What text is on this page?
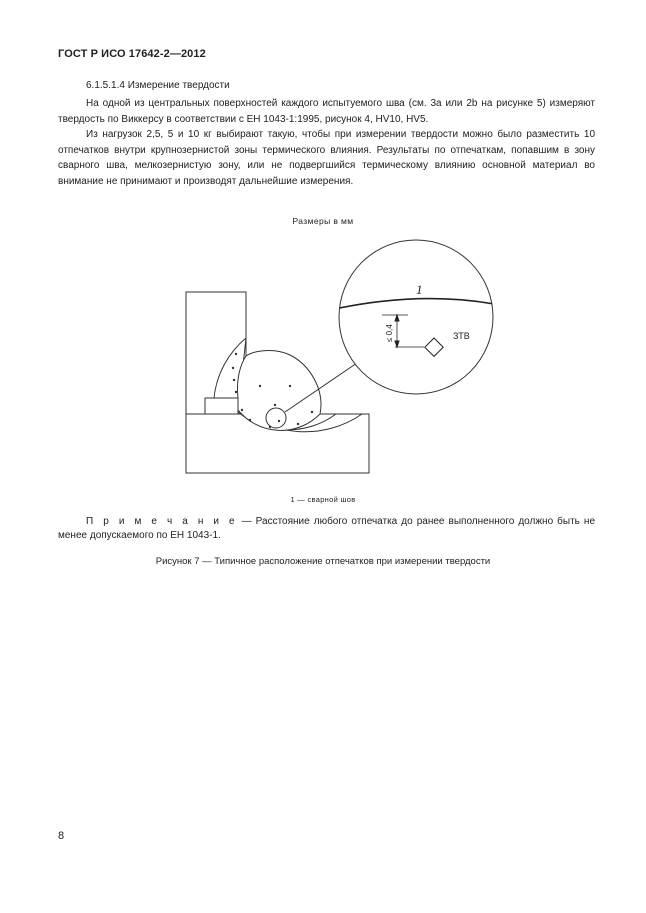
ГОСТ Р ИСО 17642-2—2012
6.1.5.1.4 Измерение твердости

На одной из центральных поверхностей каждого испытуемого шва (см. 3а или 2b на рисунке 5) измеряют твердость по Виккерсу в соответствии с ЕН 1043-1:1995, рисунок 4, HV10, HV5.

Из нагрузок 2,5, 5 и 10 кг выбирают такую, чтобы при измерении твердости можно было разместить 10 отпечатков внутри крупнозернистой зоны термического влияния. Результаты по отпечаткам, попавшим в зону сварного шва, мелкозернистую зону, или не подвергшийся термическому влиянию основной материал во внимание не принимают и производят дальнейшие измерения.

Размеры в мм
1
≤ 0,4	ЗТВ
1 — сварной шов

П р и м е ч а н и е — Расстояние любого отпечатка до ранее выполненного должно быть не менее допускаемого по ЕН 1043-1.

Рисунок 7 — Типичное расположение отпечатков при измерении твердости
8
